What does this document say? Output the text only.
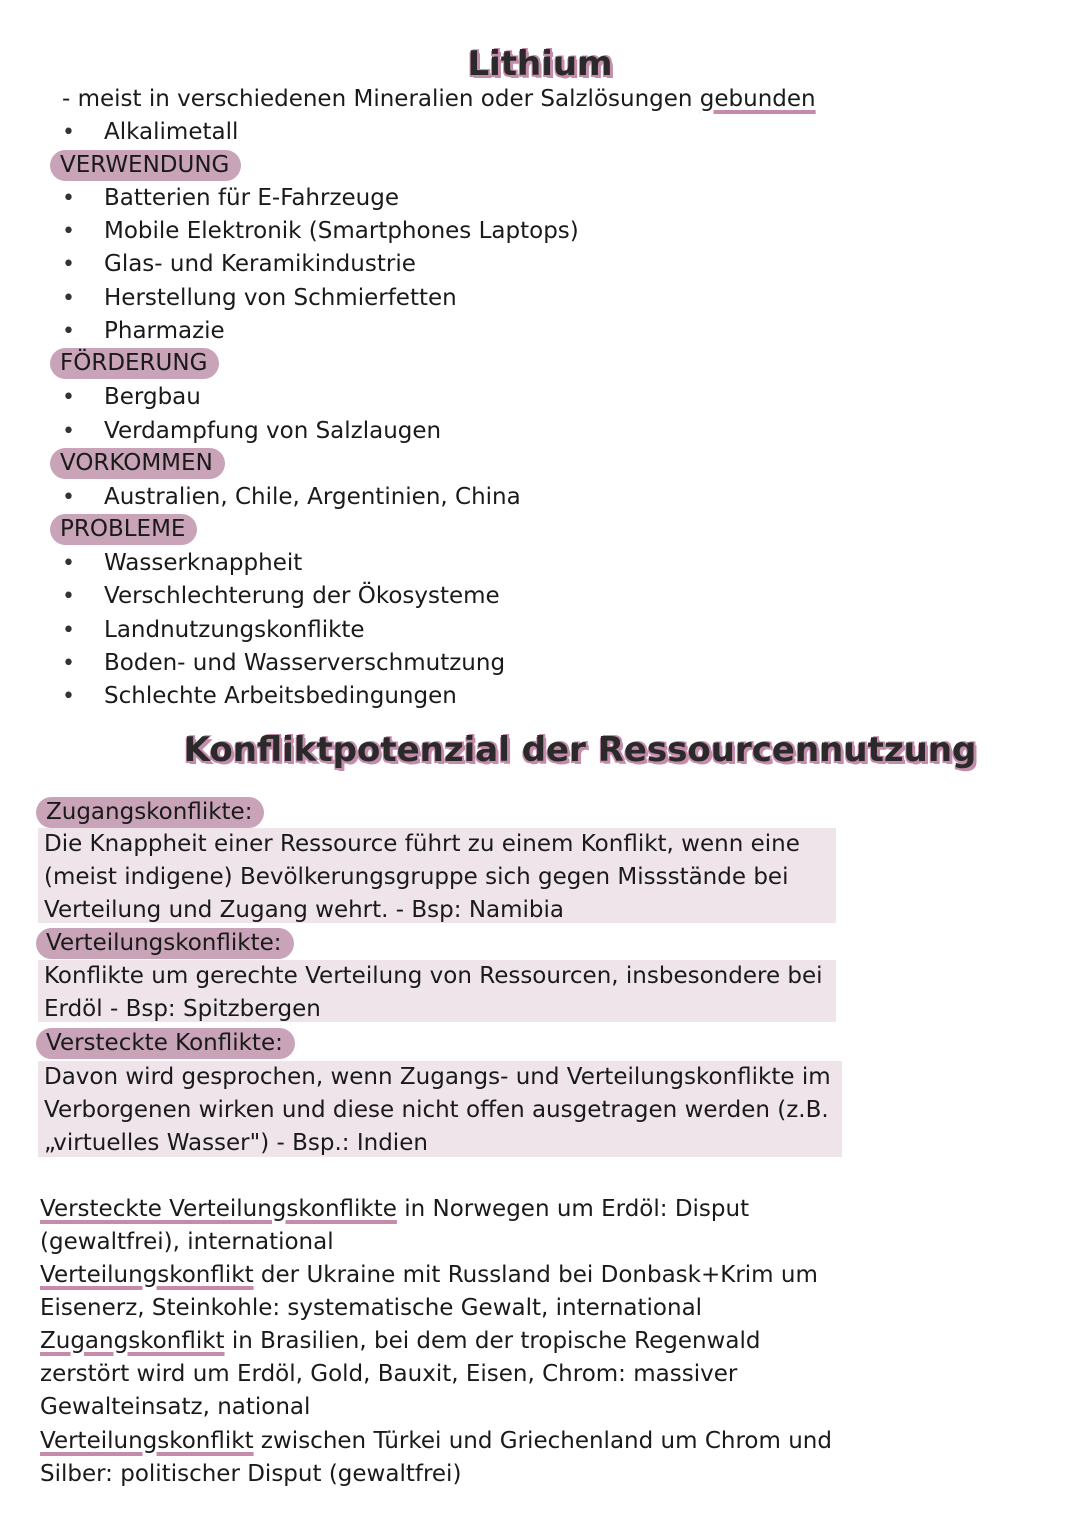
Lithium
- meist in verschiedenen Mineralien oder Salzlösungen gebunden
• Alkalimetall
VERWENDUNG
• Batterien für E-Fahrzeuge
• Mobile Elektronik (Smartphones Laptops)
• Glas- und Keramikindustrie
• Herstellung von Schmierfetten
• Pharmazie
FÖRDERUNG
• Bergbau
• Verdampfung von Salzlaugen
VORKOMMEN
• Australien, Chile, Argentinien, China
PROBLEME
• Wasserknappheit
• Verschlechterung der Ökosysteme
• Landnutzungskonflikte
• Boden- und Wasserverschmutzung
• Schlechte Arbeitsbedingungen
Konfliktpotenzial der Ressourcennutzung
Zugangskonflikte:
Die Knappheit einer Ressource führt zu einem Konflikt, wenn eine
(meist indigene) Bevölkerungsgruppe sich gegen Missstände bei
Verteilung und Zugang wehrt. - Bsp: Namibia
Verteilungskonflikte:
Konflikte um gerechte Verteilung von Ressourcen, insbesondere bei
Erdöl - Bsp: Spitzbergen
Versteckte Konflikte:
Davon wird gesprochen, wenn Zugangs- und Verteilungskonflikte im
Verborgenen wirken und diese nicht offen ausgetragen werden (z.B.
„virtuelles Wasser") - Bsp.: Indien
Versteckte Verteilungskonflikte in Norwegen um Erdöl: Disput
(gewaltfrei), international
Verteilungskonflikt der Ukraine mit Russland bei Donbask+Krim um
Eisenerz, Steinkohle: systematische Gewalt, international
Zugangskonflikt in Brasilien, bei dem der tropische Regenwald
zerstört wird um Erdöl, Gold, Bauxit, Eisen, Chrom: massiver
Gewalteinsatz, national
Verteilungskonflikt zwischen Türkei und Griechenland um Chrom und
Silber: politischer Disput (gewaltfrei)
